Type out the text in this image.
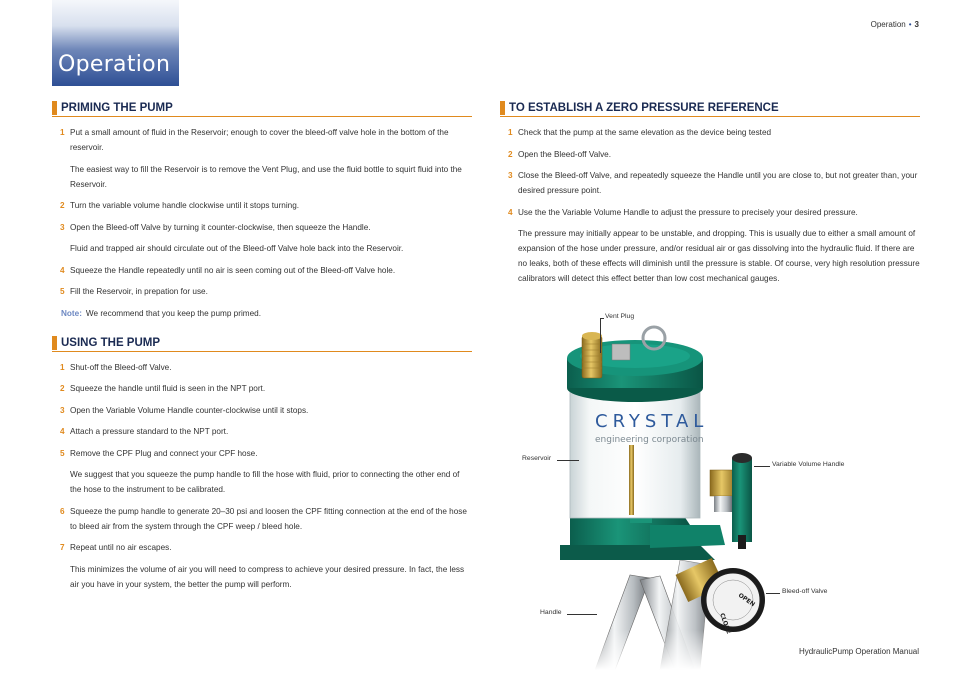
Operation
Operation • 3
PRIMING THE PUMP
1 Put a small amount of fluid in the Reservoir; enough to cover the bleed-off valve hole in the bottom of the reservoir.
The easiest way to fill the Reservoir is to remove the Vent Plug, and use the fluid bottle to squirt fluid into the Reservoir.
2 Turn the variable volume handle clockwise until it stops turning.
3 Open the Bleed-off Valve by turning it counter-clockwise, then squeeze the Handle.
Fluid and trapped air should circulate out of the Bleed-off Valve hole back into the Reservoir.
4 Squeeze the Handle repeatedly until no air is seen coming out of the Bleed-off Valve hole.
5 Fill the Reservoir, in prepation for use.
Note: We recommend that you keep the pump primed.
USING THE PUMP
1 Shut-off the Bleed-off Valve.
2 Squeeze the handle until fluid is seen in the NPT port.
3 Open the Variable Volume Handle counter-clockwise until it stops.
4 Attach a pressure standard to the NPT port.
5 Remove the CPF Plug and connect your CPF hose.
We suggest that you squeeze the pump handle to fill the hose with fluid, prior to connecting the other end of the hose to the instrument to be calibrated.
6 Squeeze the pump handle to generate 20–30 psi and loosen the CPF fitting connection at the end of the hose to bleed air from the system through the CPF weep / bleed hole.
7 Repeat until no air escapes.
This minimizes the volume of air you will need to compress to achieve your desired pressure. In fact, the less air you have in your system, the better the pump will perform.
TO ESTABLISH A ZERO PRESSURE REFERENCE
1 Check that the pump at the same elevation as the device being tested
2 Open the Bleed-off Valve.
3 Close the Bleed-off Valve, and repeatedly squeeze the Handle until you are close to, but not greater than, your desired pressure point.
4 Use the the Variable Volume Handle to adjust the pressure to precisely your desired pressure.
The pressure may initially appear to be unstable, and dropping. This is usually due to either a small amount of expansion of the hose under pressure, and/or residual air or gas dissolving into the hydraulic fluid. If there are no leaks, both of these effects will diminish until the pressure is stable. Of course, very high resolution pressure calibrators will detect this effect better than low cost mechanical gauges.
CRYSTAL
engineering corporation
OPEN
CLOSE
Vent Plug
Reservoir
Variable Volume Handle
Bleed-off Valve
Handle
HydraulicPump Operation Manual
